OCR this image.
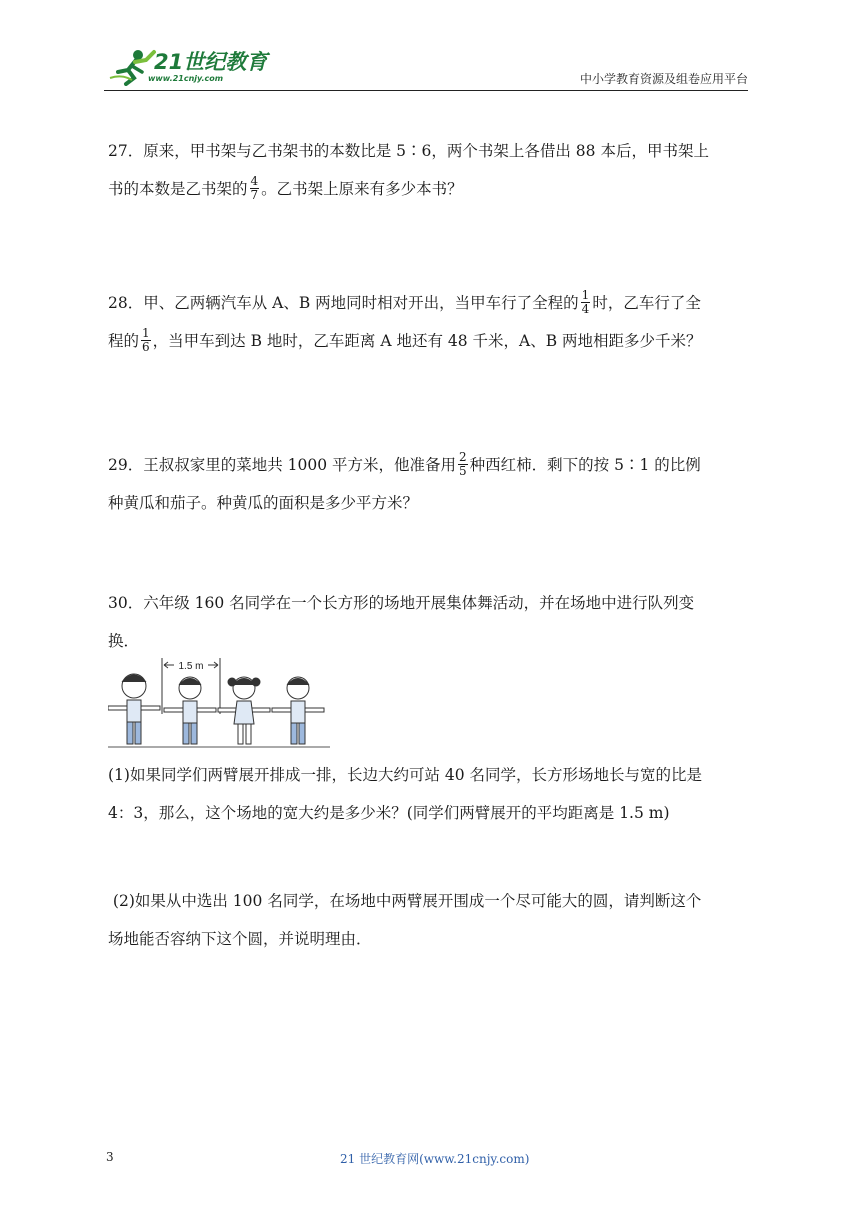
21世纪教育
www.21cnjy.com	中小学教育资源及组卷应用平台

27．原来，甲书架与乙书架书的本数比是 5∶6，两个书架上各借出 88 本后，甲书架上

书的本数是乙书架的 $\frac{4}{7}$ 。乙书架上原来有多少本书？

28．甲、乙两辆汽车从 A、B 两地同时相对开出，当甲车行了全程的 $\frac{1}{4}$ 时，乙车行了全

程的 $\frac{1}{6}$ ，当甲车到达 B 地时，乙车距离 A 地还有 48 千米，A、B 两地相距多少千米？

29．王叔叔家里的菜地共 1000 平方米，他准备用 $\frac{2}{5}$ 种西红柿．剩下的按 5∶1 的比例

种黄瓜和茄子。种黄瓜的面积是多少平方米？

30．六年级 160 名同学在一个长方形的场地开展集体舞活动，并在场地中进行队列变

换．

1.5 m

(1)如果同学们两臂展开排成一排，长边大约可站 40 名同学，长方形场地长与宽的比是

4：3，那么，这个场地的宽大约是多少米？(同学们两臂展开的平均距离是 1.5 m)

(2)如果从中选出 100 名同学，在场地中两臂展开围成一个尽可能大的圆，请判断这个

场地能否容纳下这个圆，并说明理由．

3	21 世纪教育网(www.21cnjy.com)
